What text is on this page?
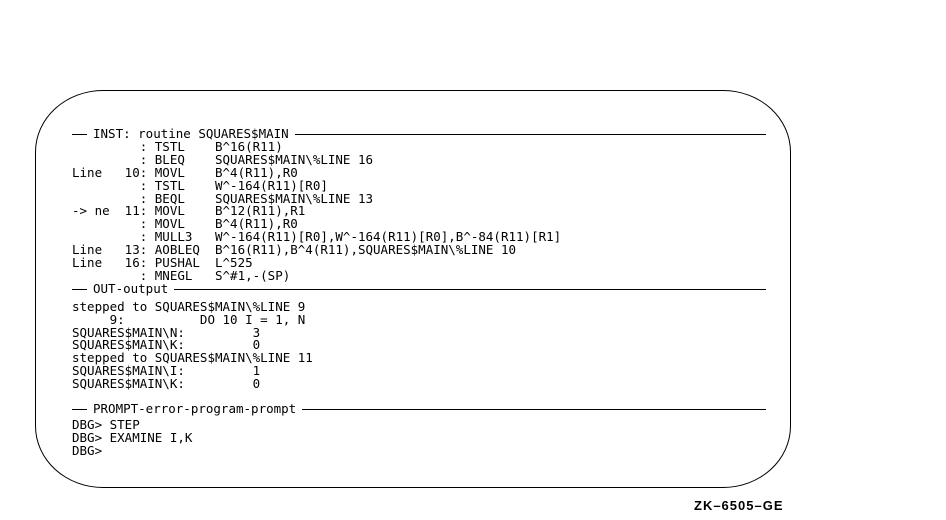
INST: routine SQUARES$MAIN
: TSTL    B^16(R11)
: BLEQ    SQUARES$MAIN\%LINE 16
Line   10: MOVL    B^4(R11),R0
: TSTL    W^-164(R11)[R0]
: BEQL    SQUARES$MAIN\%LINE 13
-> ne  11: MOVL    B^12(R11),R1
: MOVL    B^4(R11),R0
: MULL3   W^-164(R11)[R0],W^-164(R11)[R0],B^-84(R11)[R1]
Line   13: AOBLEQ  B^16(R11),B^4(R11),SQUARES$MAIN\%LINE 10
Line   16: PUSHAL  L^525
: MNEGL   S^#1,-(SP)
OUT-output
stepped to SQUARES$MAIN\%LINE 9
9:          DO 10 I = 1, N
SQUARES$MAIN\N:         3
SQUARES$MAIN\K:         0
stepped to SQUARES$MAIN\%LINE 11
SQUARES$MAIN\I:         1
SQUARES$MAIN\K:         0
PROMPT-error-program-prompt
DBG> STEP
DBG> EXAMINE I,K
DBG>
ZK–6505–GE
